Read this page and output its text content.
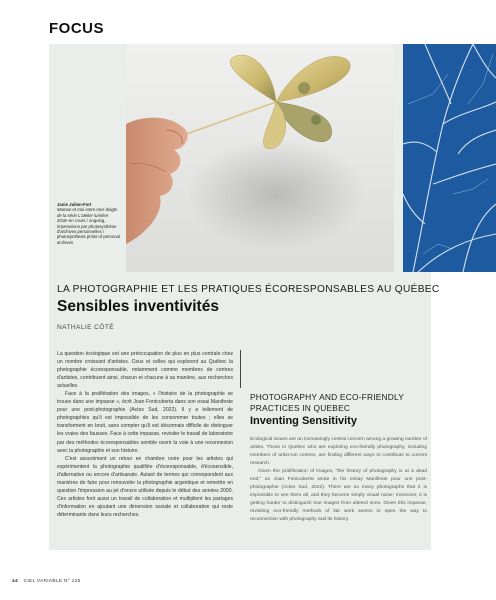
FOCUS
Janie Julien-Fort
Maman et moi entre mes doigts de la série L'atelier lumière
2018–en cours / ongoing, impressions par photosynthèse d'archives personnelles / photosynthesis prints of personal archives
LA PHOTOGRAPHIE ET LES PRATIQUES ÉCORESPONSABLES AU QUÉBEC
Sensibles inventivités
NATHALIE CÔTÉ

La question écologique est une préoccupation de plus en plus centrale chez un nombre croissant d'artistes. Ceux et celles qui explorent au Québec la photographie écoresponsable, notamment comme membres de centres d'artistes, contribuent ainsi, chacun et chacune à sa manière, aux recherches actuelles.

Face à la prolifération des images, « l'histoire de la photographie se trouve dans une impasse », écrit Joan Fontcuberta dans son essai Manifeste pour une post-photographie (Actes Sud, 2022). Il y a tellement de photographies qu'il est impossible de les consommer toutes ; elles se transforment en bruit, sans compter qu'il est désormais difficile de distinguer les vraies des fausses. Face à cette impasse, revisiter le travail de laboratoire par des méthodes écoresponsables semble ouvrir la voie à une reconnexion avec la photographie et son histoire.

C'est assurément un retour en chambre noire pour les artistes qui expérimentent la photographie qualifiée d'écoresponsable, d'écosensible, d'alternative ou encore d'artisanale. Autant de termes qui correspondent aux manières de faire pour renouveler la photographie argentique et remettre en question l'impression au jet d'encre utilisée depuis le début des années 2000. Ces artistes font aussi un travail de collaboration et multiplient les partages d'information en ajoutant une dimension sociale et collaborative qui reste déterminante dans leurs recherches.

PHOTOGRAPHY AND ECO-FRIENDLY PRACTICES IN QUEBEC
Inventing Sensitivity

Ecological issues are an increasingly central concern among a growing number of artists. Those in Quebec who are exploring eco-friendly photography, including members of artist-run centres, are finding different ways to contribute to current research.

Given the proliferation of images, "the history of photography is at a dead end," as Joan Fontcuberta wrote in his essay Manifeste pour une post-photographie (Actes Sud, 2022). There are so many photographs that it is impossible to see them all, and they become simply visual noise; moreover, it is getting harder to distinguish true images from altered ones. Given this impasse, revisiting eco-friendly methods of lab work seems to open the way to reconnection with photography and its history.

44 CIEL VARIABLE N° 125
